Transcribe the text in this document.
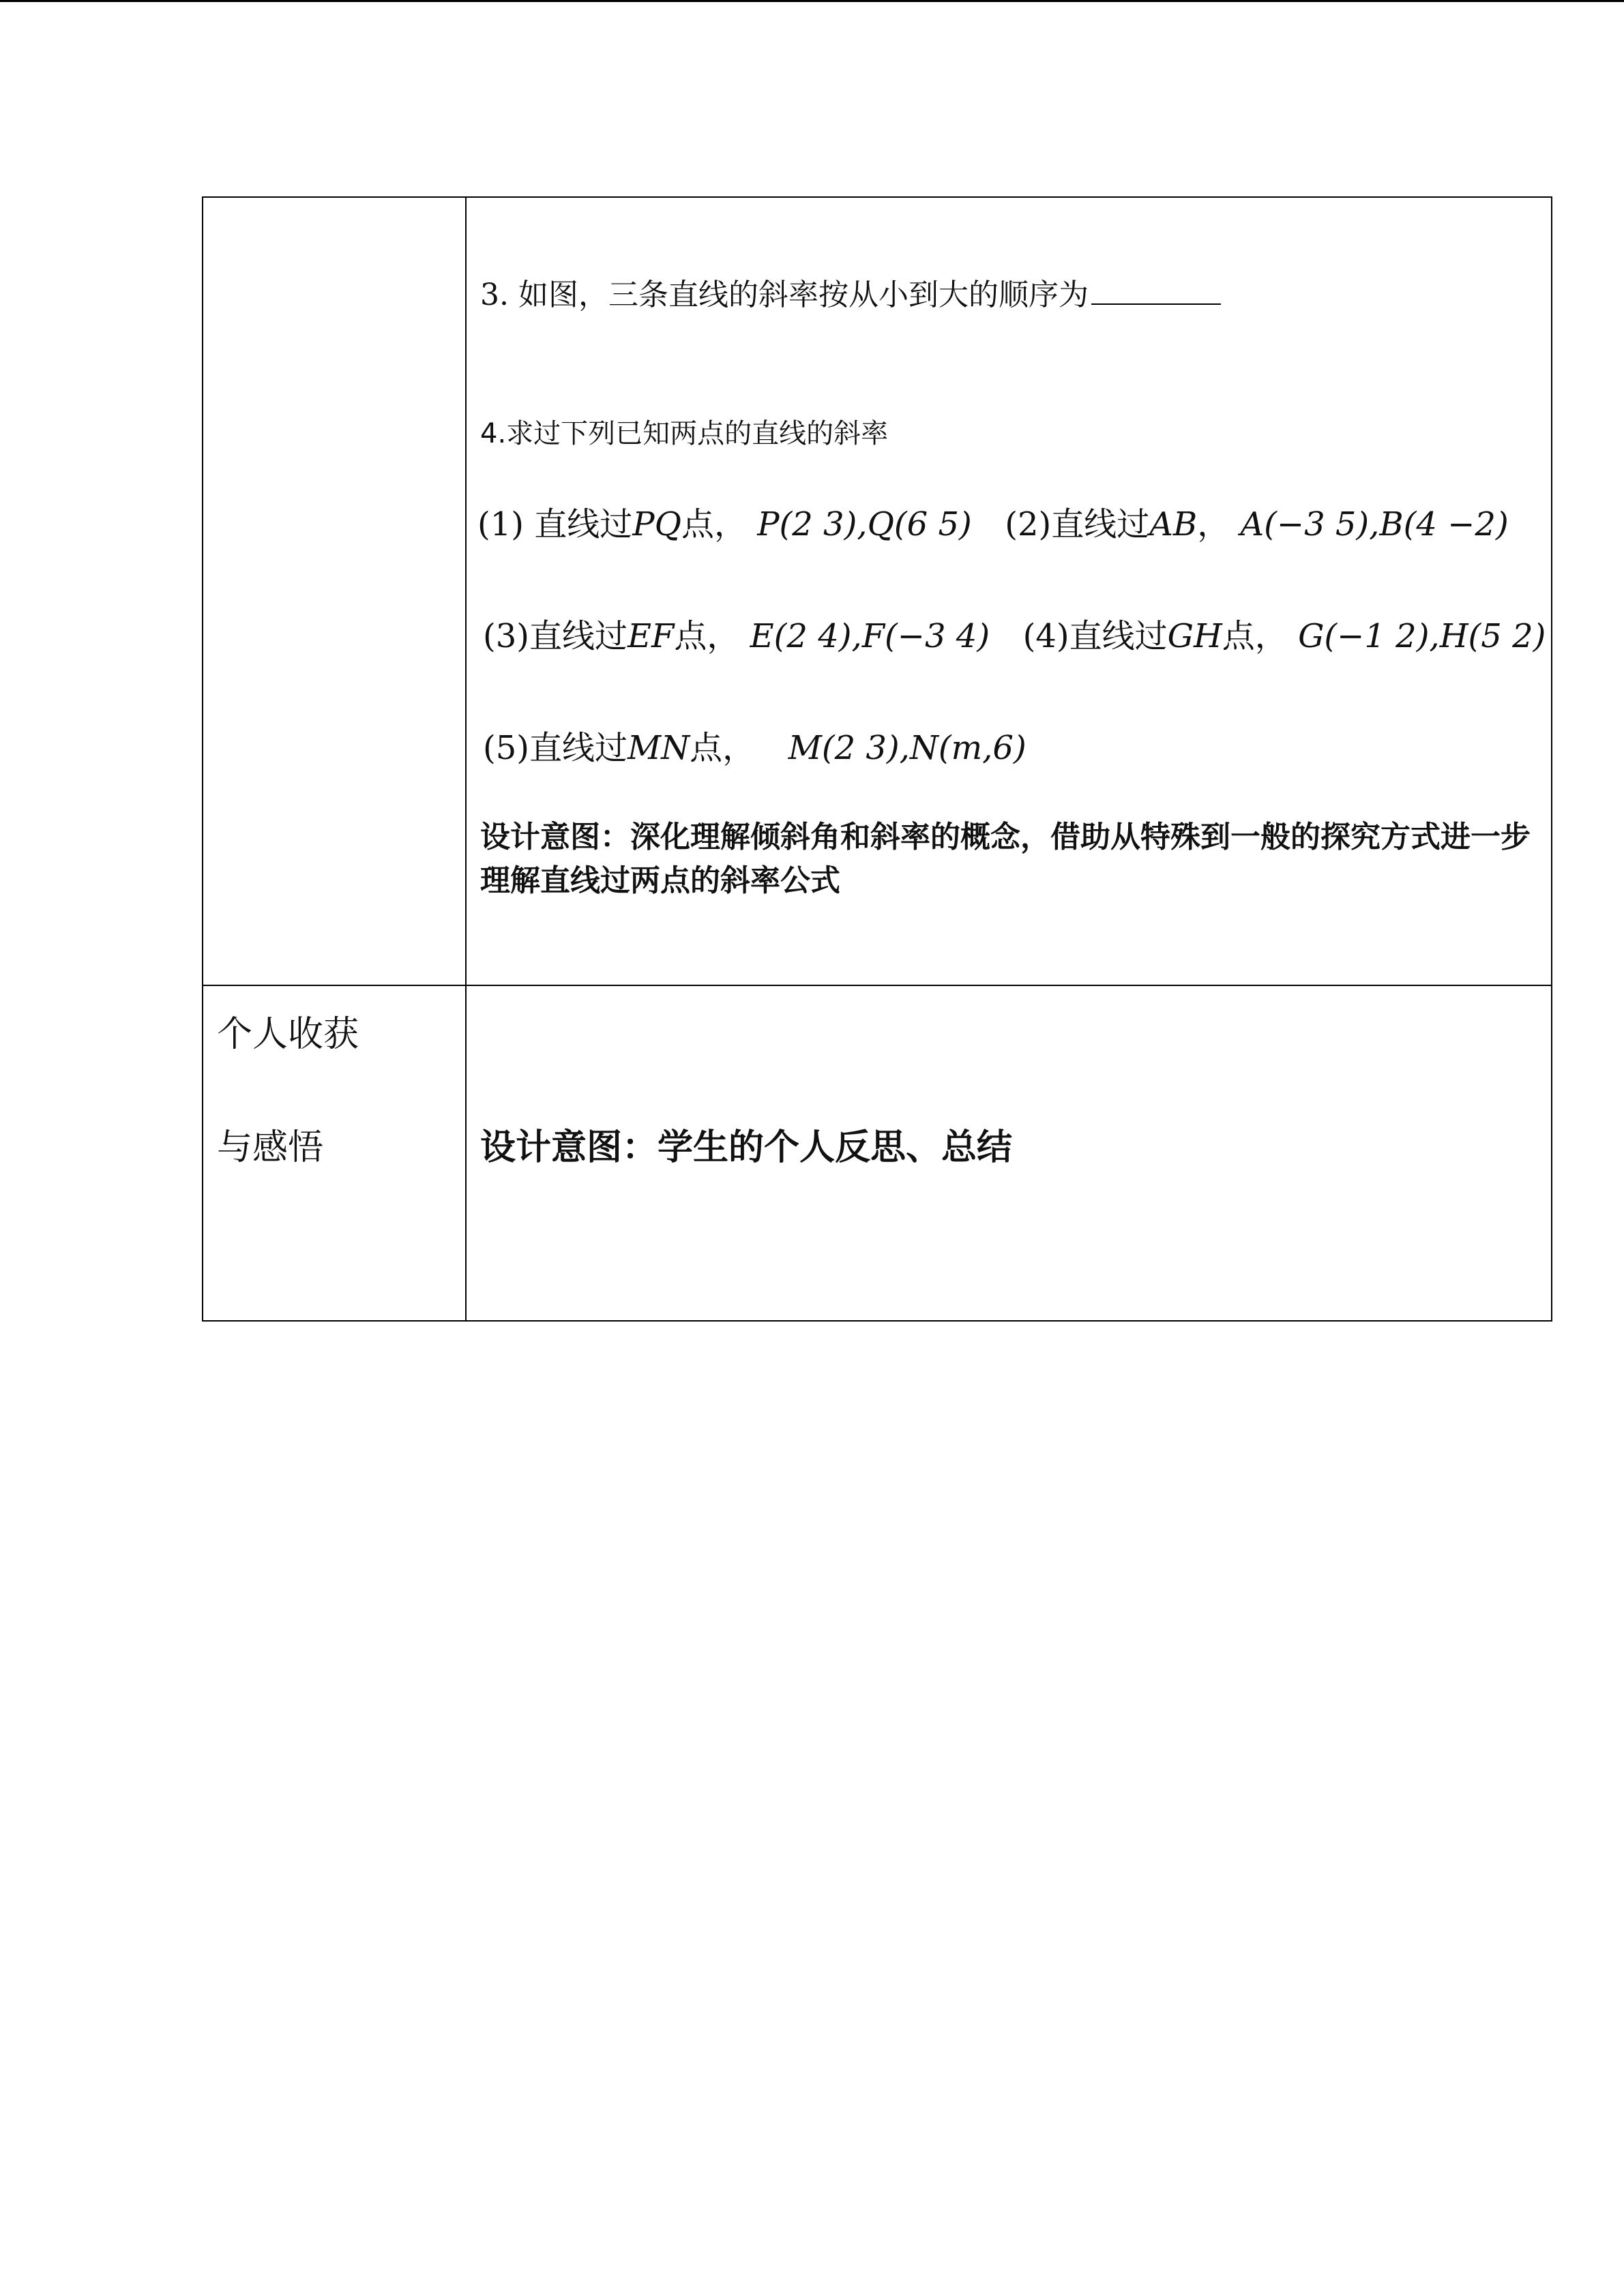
3. 如图，三条直线的斜率按从小到大的顺序为
4.求过下列已知两点的直线的斜率
(1) 直线过PQ点， P(2 3),Q(6 5) (2)直线过AB， A(−3 5),B(4 −2)
(3)直线过EF点， E(2 4),F(−3 4) (4)直线过GH点， G(−1 2),H(5 2)
(5)直线过MN点， M(2 3),N(m,6)
设计意图：深化理解倾斜角和斜率的概念，借助从特殊到一般的探究方式进一步理解直线过两点的斜率公式
个人收获
与感悟	设计意图：学生的个人反思、总结
